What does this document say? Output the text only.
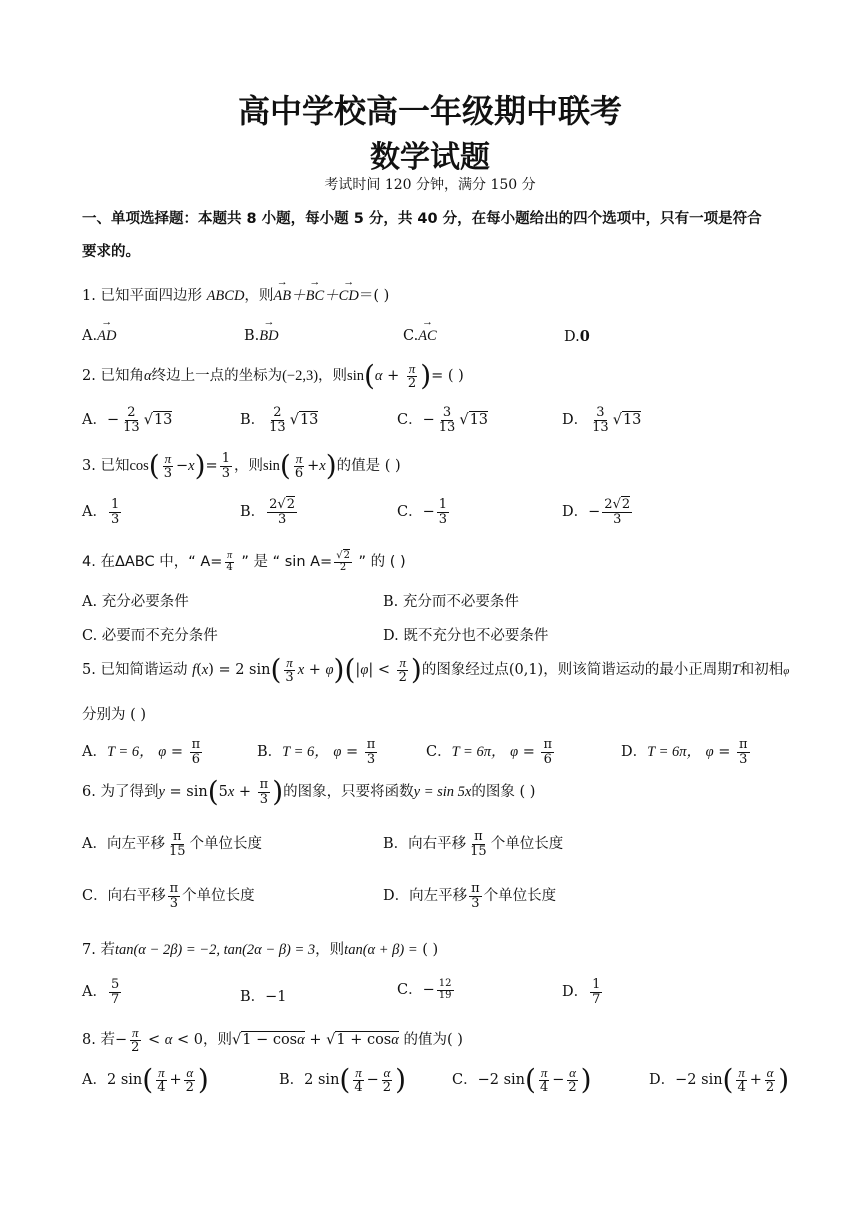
高中学校高一年级期中联考
数学试题
考试时间 120 分钟，满分 150 分
一、单项选择题：本题共 8 小题，每小题 5 分，共 40 分，在每小题给出的四个选项中，只有一项是符合
要求的。
1. 已知平面四边形 ABCD，则→ AB＋→ BC＋→ CD＝( )
A.→ AD	B.→ BD	C.→ AC	D.0
2. 已知角α终边上一点的坐标为(−2,3)，则$\sin(\alpha + \frac{\pi}{2}$ )= ( )
A．− $\frac{2}{13} √13$	B． $\frac{2}{13} √13$	C．− $\frac{3}{13} √13$	D． $\frac{3}{13} √13$
3. 已知$\cos( \frac{\pi}{3} -x)= \frac{1}{3}$ ，则$\sin( \frac{\pi}{6} +x)$的值是 ( )
A． $\frac{1}{3}$	B． $\frac{2√2}{3}$	C．− $\frac{1}{3}$	D．− $\frac{2√2}{3}$
4. 在ΔABC 中，“ $A= \frac{\pi}{4}$ ” 是 “ $\sin A= \frac{√2}{2}$ ” 的 ( )
A. 充分必要条件	B. 充分而不必要条件
C. 必要而不充分条件	D. 既不充分也不必要条件
5. 已知简谐运动 f(x) = 2 $\sin( \frac{\pi}{3}$ $x + \varphi)(|\varphi| < \frac{\pi}{2}$ )的图象经过点(0,1)，则该简谐运动的最小正周期T和初相φ
分别为 ( )
A．T = 6， $\varphi = \frac{\pi}{6}$	B．T = 6， $\varphi = \frac{\pi}{3}$	C．T = 6π， $\varphi = \frac{\pi}{6}$	D．T = 6π， $\varphi = \frac{\pi}{3}$
6. 为了得到$y = \sin(5x + \frac{\pi}{3}$ )的图象，只要将函数y = sin 5x的图象 ( )
A．向左平移 $\frac{\pi}{15}$ 个单位长度	B．向右平移 $\frac{\pi}{15}$ 个单位长度
C．向右平移 $\frac{\pi}{3}$ 个单位长度	D．向左平移 $\frac{\pi}{3}$ 个单位长度
7. 若tan(α − 2β) = −2, tan(2α − β) = 3，则tan(α + β) = ( )
A． $\frac{5}{7}$	B．−1	C．− $\frac{12}{19}$	D． $\frac{1}{7}$
8. 若− $\frac{\pi}{2} < \alpha < 0$，则√1 − cosα + √1 + cosα 的值为( )
A．2 $\sin( \frac{\pi}{4} + \frac{\alpha}{2}$ )	B．2 $\sin( \frac{\pi}{4} - \frac{\alpha}{2}$ )	C．−2 $\sin( \frac{\pi}{4} - \frac{\alpha}{2}$ )	D．−2 $\sin( \frac{\pi}{4} + \frac{\alpha}{2}$ )
